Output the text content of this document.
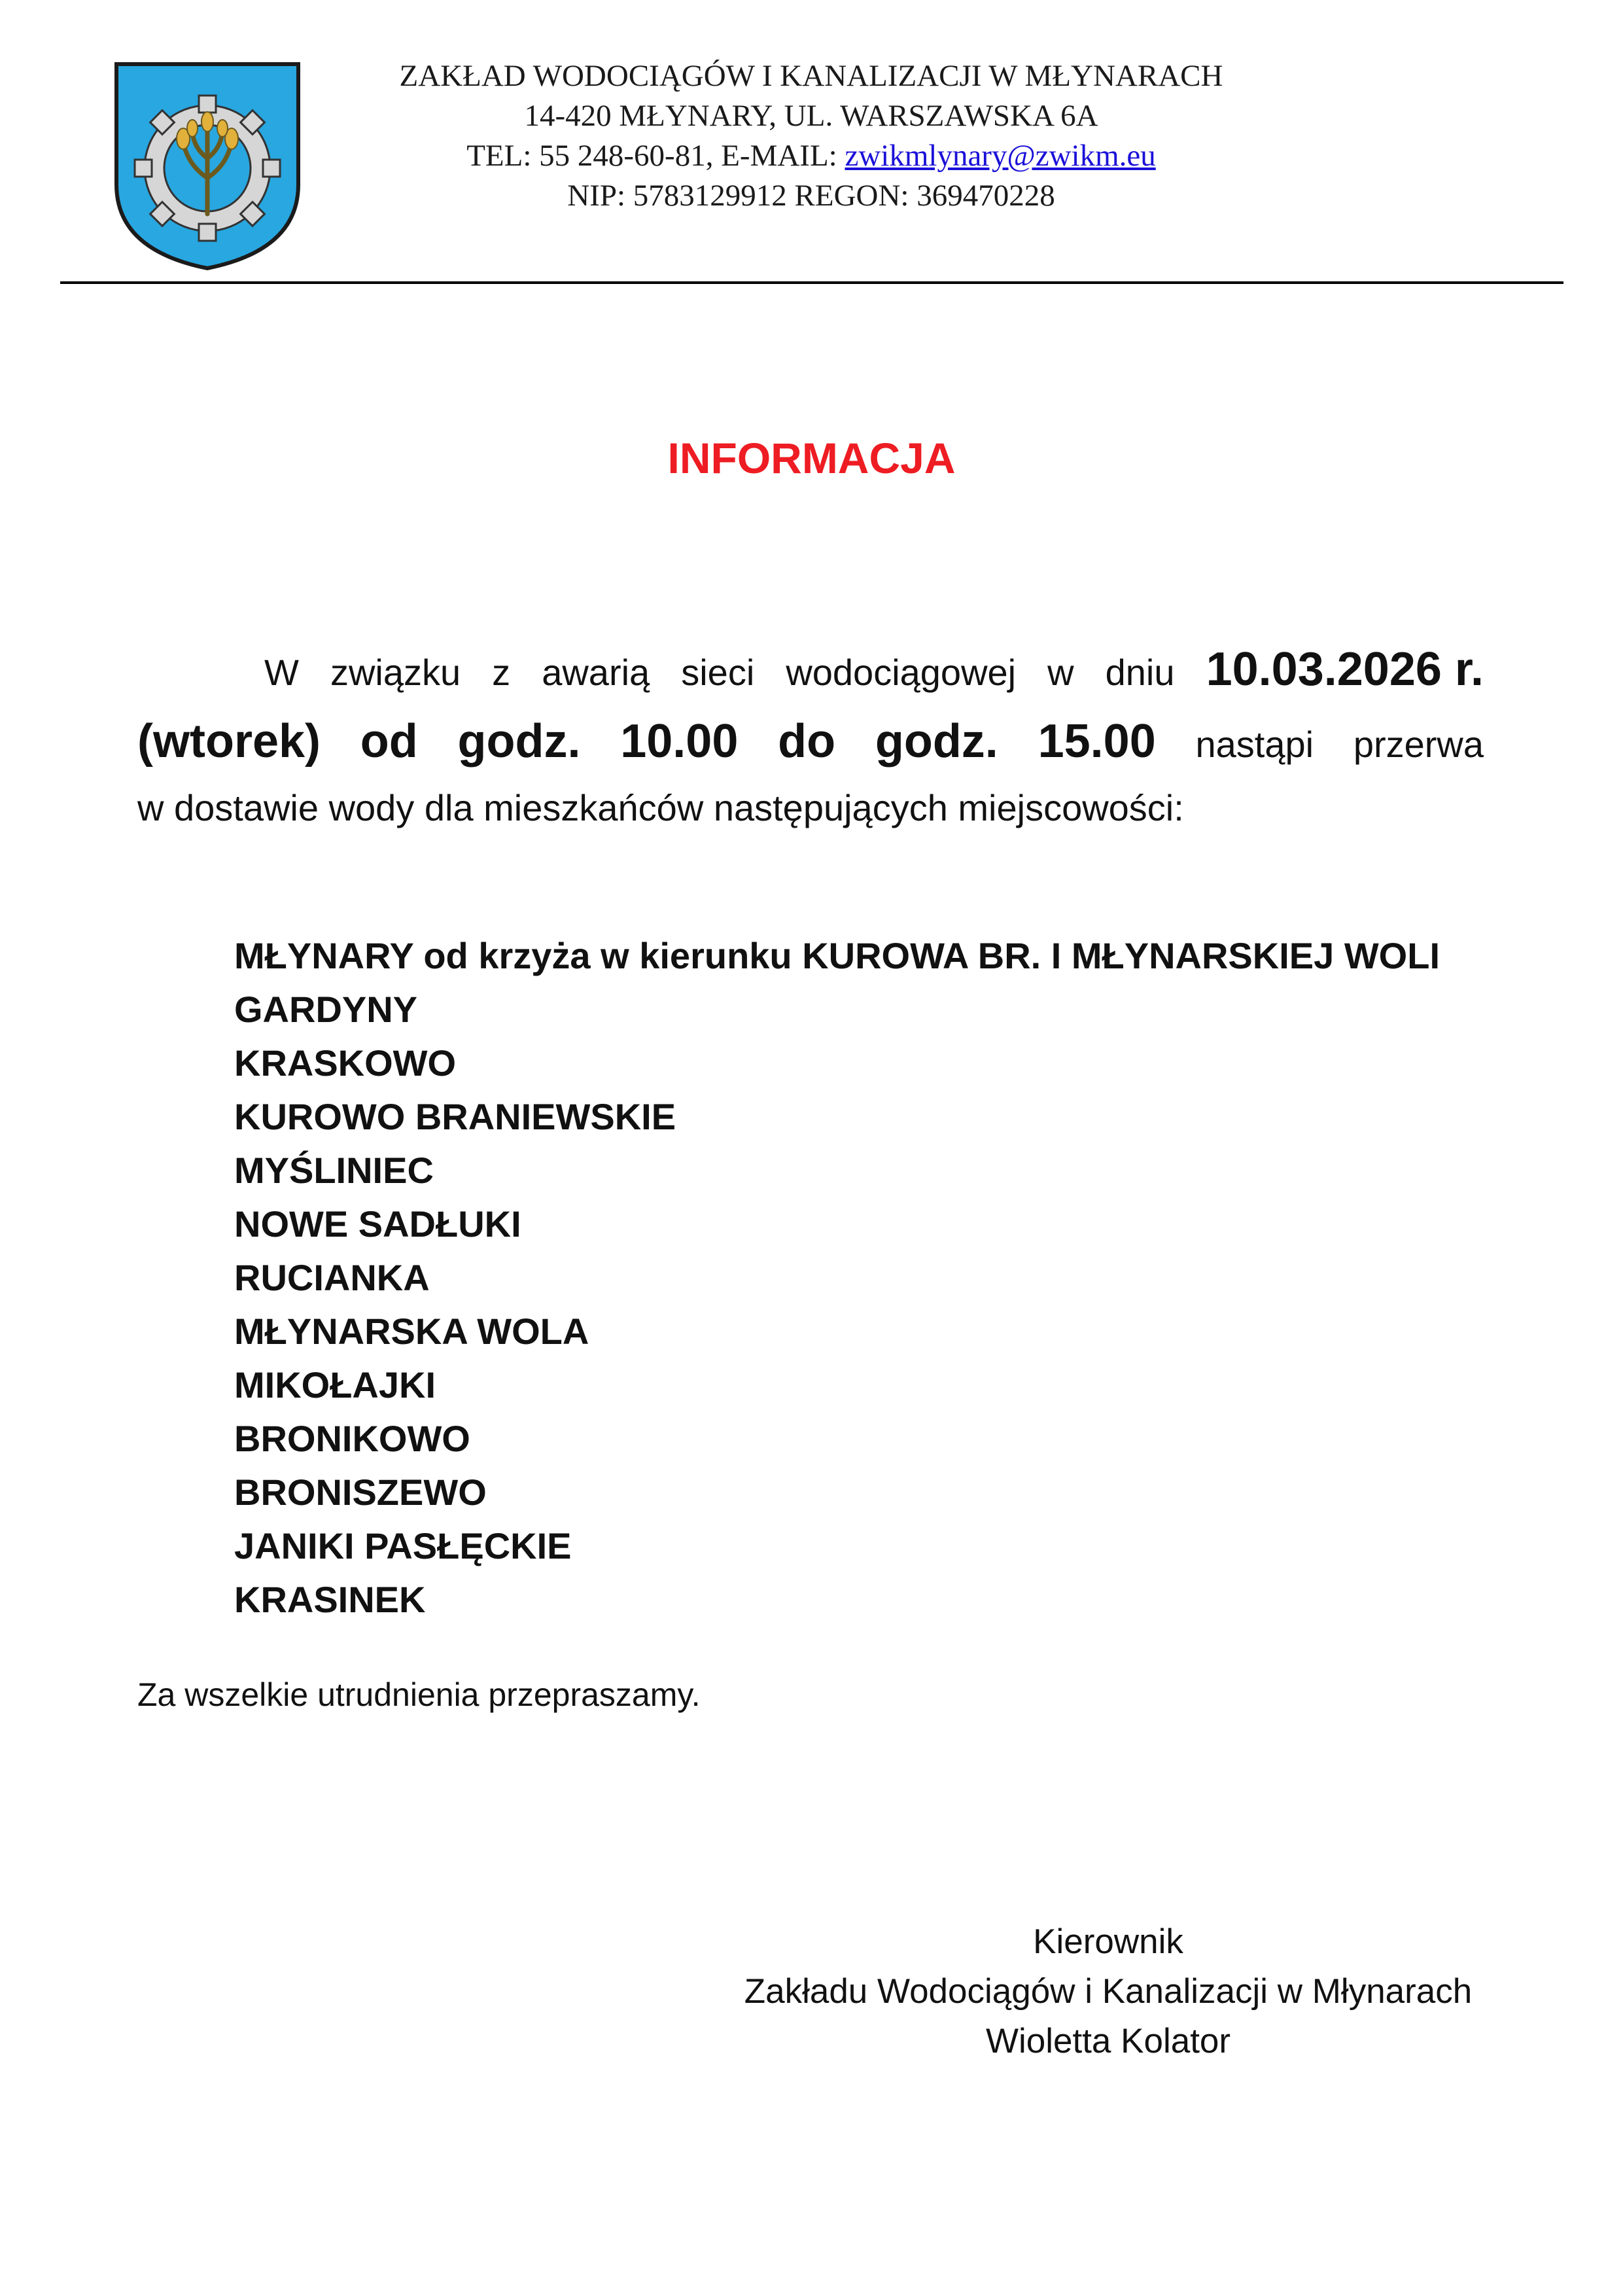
ZAKŁAD WODOCIĄGÓW I KANALIZACJI W MŁYNARACH
14-420 MŁYNARY, UL. WARSZAWSKA 6A
TEL: 55 248-60-81, E-MAIL: zwikmlynary@zwikm.eu
NIP: 5783129912 REGON: 369470228
INFORMACJA
W związku z awarią sieci wodociągowej w dniu 10.03.2026 r.
(wtorek) od godz. 10.00 do godz. 15.00 nastąpi przerwa
w dostawie wody dla mieszkańców następujących miejscowości:
MŁYNARY od krzyża w kierunku KUROWA BR. I MŁYNARSKIEJ WOLI
GARDYNY
KRASKOWO
KUROWO BRANIEWSKIE
MYŚLINIEC
NOWE SADŁUKI
RUCIANKA
MŁYNARSKA WOLA
MIKOŁAJKI
BRONIKOWO
BRONISZEWO
JANIKI PASŁĘCKIE
KRASINEK
Za wszelkie utrudnienia przepraszamy.
Kierownik
Zakładu Wodociągów i Kanalizacji w Młynarach
Wioletta Kolator
